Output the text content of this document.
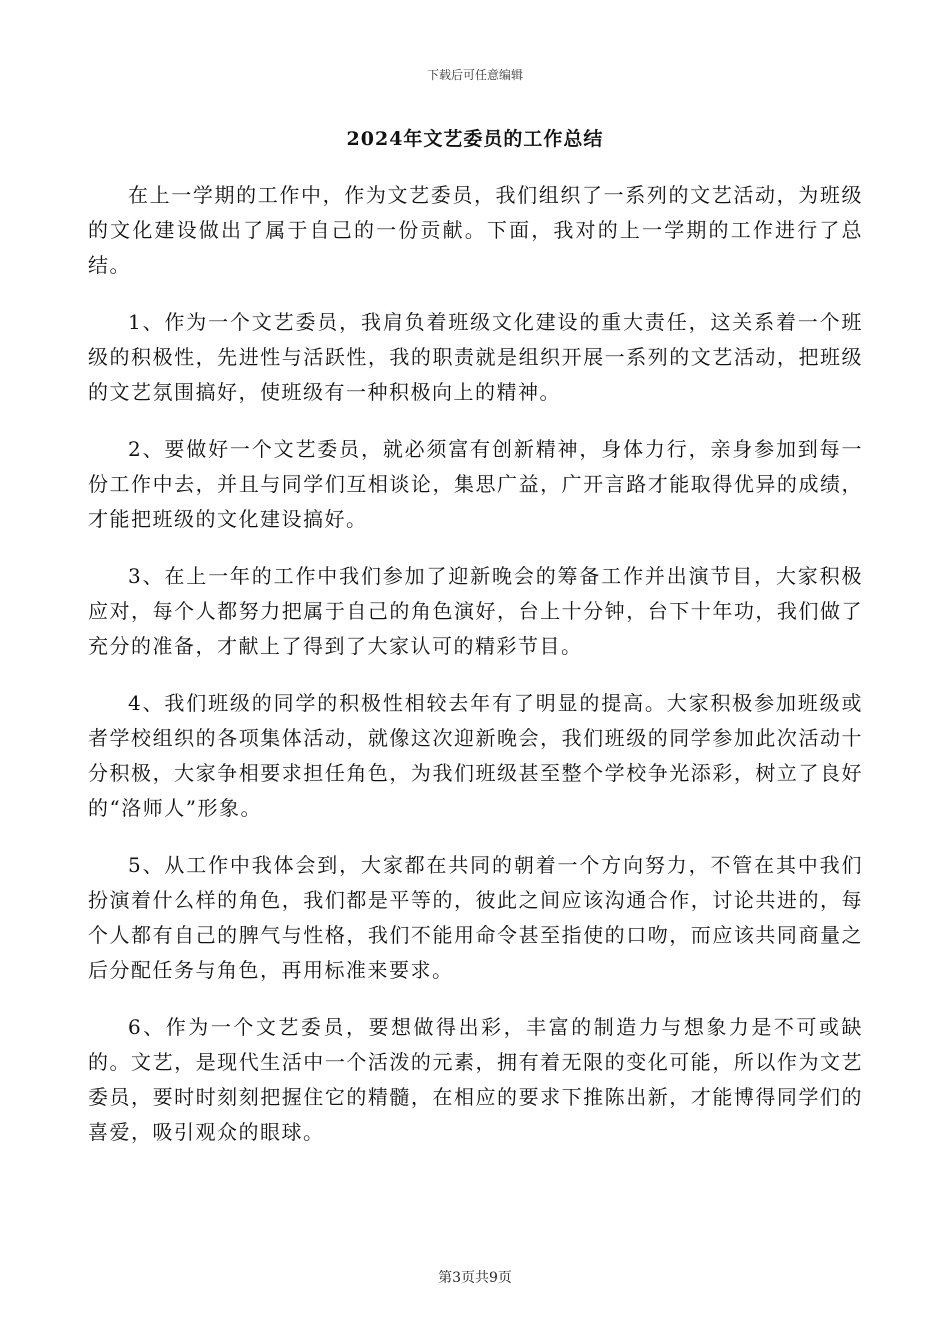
下载后可任意编辑
2024年文艺委员的工作总结

在上一学期的工作中，作为文艺委员，我们组织了一系列的文艺活动，为班级的文化建设做出了属于自己的一份贡献。下面，我对的上一学期的工作进行了总结。

1、作为一个文艺委员，我肩负着班级文化建设的重大责任，这关系着一个班级的积极性，先进性与活跃性，我的职责就是组织开展一系列的文艺活动，把班级的文艺氛围搞好，使班级有一种积极向上的精神。

2、要做好一个文艺委员，就必须富有创新精神，身体力行，亲身参加到每一份工作中去，并且与同学们互相谈论，集思广益，广开言路才能取得优异的成绩，才能把班级的文化建设搞好。

3、在上一年的工作中我们参加了迎新晚会的筹备工作并出演节目，大家积极应对，每个人都努力把属于自己的角色演好，台上十分钟，台下十年功，我们做了充分的准备，才献上了得到了大家认可的精彩节目。

4、我们班级的同学的积极性相较去年有了明显的提高。大家积极参加班级或者学校组织的各项集体活动，就像这次迎新晚会，我们班级的同学参加此次活动十分积极，大家争相要求担任角色，为我们班级甚至整个学校争光添彩，树立了良好的“洛师人”形象。

5、从工作中我体会到，大家都在共同的朝着一个方向努力，不管在其中我们扮演着什么样的角色，我们都是平等的，彼此之间应该沟通合作，讨论共进的，每个人都有自己的脾气与性格，我们不能用命令甚至指使的口吻，而应该共同商量之后分配任务与角色，再用标准来要求。

6、作为一个文艺委员，要想做得出彩，丰富的制造力与想象力是不可或缺的。文艺，是现代生活中一个活泼的元素，拥有着无限的变化可能，所以作为文艺委员，要时时刻刻把握住它的精髓，在相应的要求下推陈出新，才能博得同学们的喜爱，吸引观众的眼球。

第3页共9页
